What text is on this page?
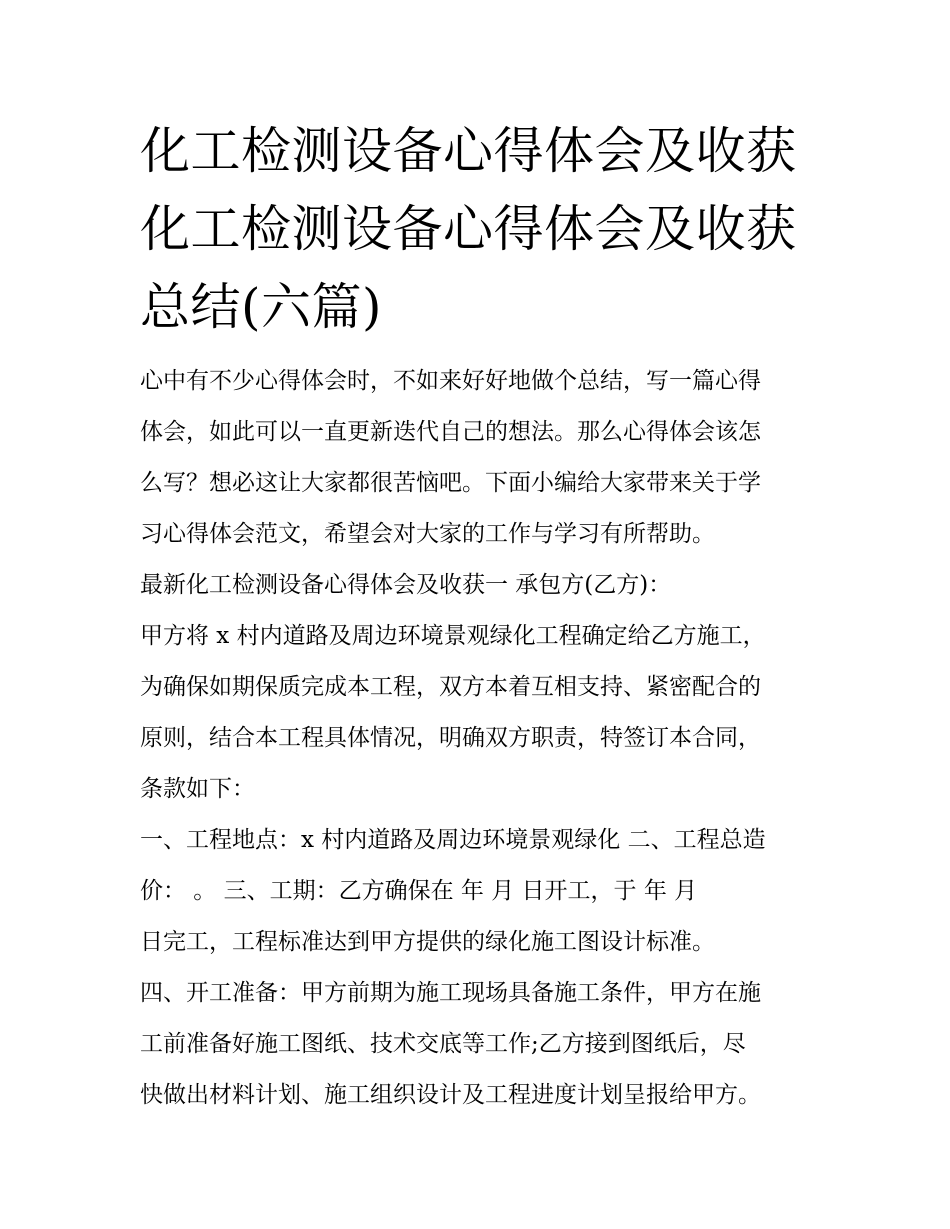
化工检测设备心得体会及收获
化工检测设备心得体会及收获
总结(六篇)
心中有不少心得体会时，不如来好好地做个总结，写一篇心得
体会，如此可以一直更新迭代自己的想法。那么心得体会该怎
么写？想必这让大家都很苦恼吧。下面小编给大家带来关于学
习心得体会范文，希望会对大家的工作与学习有所帮助。
最新化工检测设备心得体会及收获一 承包方(乙方)：
甲方将 x 村内道路及周边环境景观绿化工程确定给乙方施工，
为确保如期保质完成本工程，双方本着互相支持、紧密配合的
原则，结合本工程具体情况，明确双方职责，特签订本合同，
条款如下：
一、工程地点：x 村内道路及周边环境景观绿化 二、工程总造
价： 。 三、工期：乙方确保在 年 月 日开工，于 年 月
日完工，工程标准达到甲方提供的绿化施工图设计标准。
四、开工准备：甲方前期为施工现场具备施工条件，甲方在施
工前准备好施工图纸、技术交底等工作;乙方接到图纸后，尽
快做出材料计划、施工组织设计及工程进度计划呈报给甲方。
